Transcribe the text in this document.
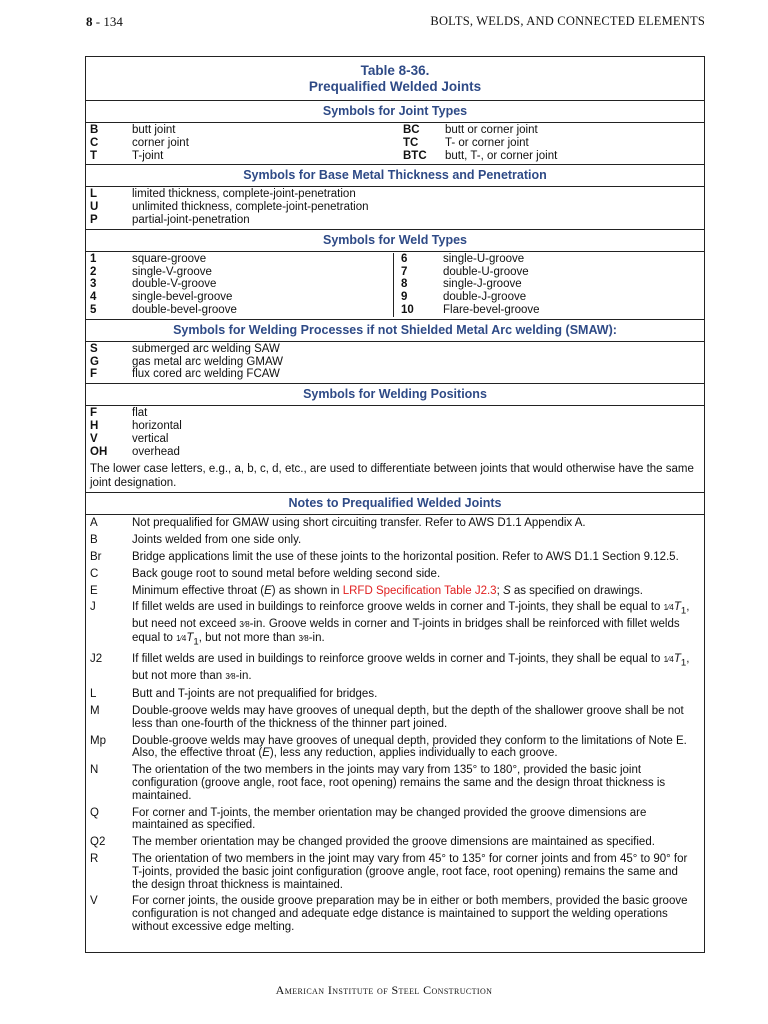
8 - 134	BOLTS, WELDS, AND CONNECTED ELEMENTS
Table 8-36.
Prequalified Welded Joints
Symbols for Joint Types
B	butt joint
C	corner joint
T	T-joint
BC	butt or corner joint
TC	T- or corner joint
BTC	butt, T-, or corner joint
Symbols for Base Metal Thickness and Penetration
L	limited thickness, complete-joint-penetration
U	unlimited thickness, complete-joint-penetration
P	partial-joint-penetration
Symbols for Weld Types
1	square-groove
2	single-V-groove
3	double-V-groove
4	single-bevel-groove
5	double-bevel-groove
6	single-U-groove
7	double-U-groove
8	single-J-groove
9	double-J-groove
10	Flare-bevel-groove
Symbols for Welding Processes if not Shielded Metal Arc welding (SMAW):
S	submerged arc welding SAW
G	gas metal arc welding GMAW
F	flux cored arc welding FCAW
Symbols for Welding Positions
F	flat
H	horizontal
V	vertical
OH	overhead
The lower case letters, e.g., a, b, c, d, etc., are used to differentiate between joints that would otherwise have the same joint designation.
Notes to Prequalified Welded Joints
A	Not prequalified for GMAW using short circuiting transfer. Refer to AWS D1.1 Appendix A.
B	Joints welded from one side only.
Br	Bridge applications limit the use of these joints to the horizontal position. Refer to AWS D1.1 Section 9.12.5.
C	Back gouge root to sound metal before welding second side.
E	Minimum effective throat (E) as shown in LRFD Specification Table J2.3; S as specified on drawings.
J	If fillet welds are used in buildings to reinforce groove welds in corner and T-joints, they shall be equal to $1⁄4T_1$, but need not exceed 3⁄8-in. Groove welds in corner and T-joints in bridges shall be reinforced with fillet welds equal to $1⁄4T_1$, but not more than 3⁄8-in.
J2	If fillet welds are used in buildings to reinforce groove welds in corner and T-joints, they shall be equal to $1⁄4T_1$, but not more than 3⁄8-in.
L	Butt and T-joints are not prequalified for bridges.
M	Double-groove welds may have grooves of unequal depth, but the depth of the shallower groove shall be not less than one-fourth of the thickness of the thinner part joined.
Mp	Double-groove welds may have grooves of unequal depth, provided they conform to the limitations of Note E. Also, the effective throat (E), less any reduction, applies individually to each groove.
N	The orientation of the two members in the joints may vary from 135° to 180°, provided the basic joint configuration (groove angle, root face, root opening) remains the same and the design throat thickness is maintained.
Q	For corner and T-joints, the member orientation may be changed provided the groove dimensions are maintained as specified.
Q2	The member orientation may be changed provided the groove dimensions are maintained as specified.
R	The orientation of two members in the joint may vary from 45° to 135° for corner joints and from 45° to 90° for T-joints, provided the basic joint configuration (groove angle, root face, root opening) remains the same and the design throat thickness is maintained.
V	For corner joints, the ouside groove preparation may be in either or both members, provided the basic groove configuration is not changed and adequate edge distance is maintained to support the welding operations without excessive edge melting.
American Institute of Steel Construction
